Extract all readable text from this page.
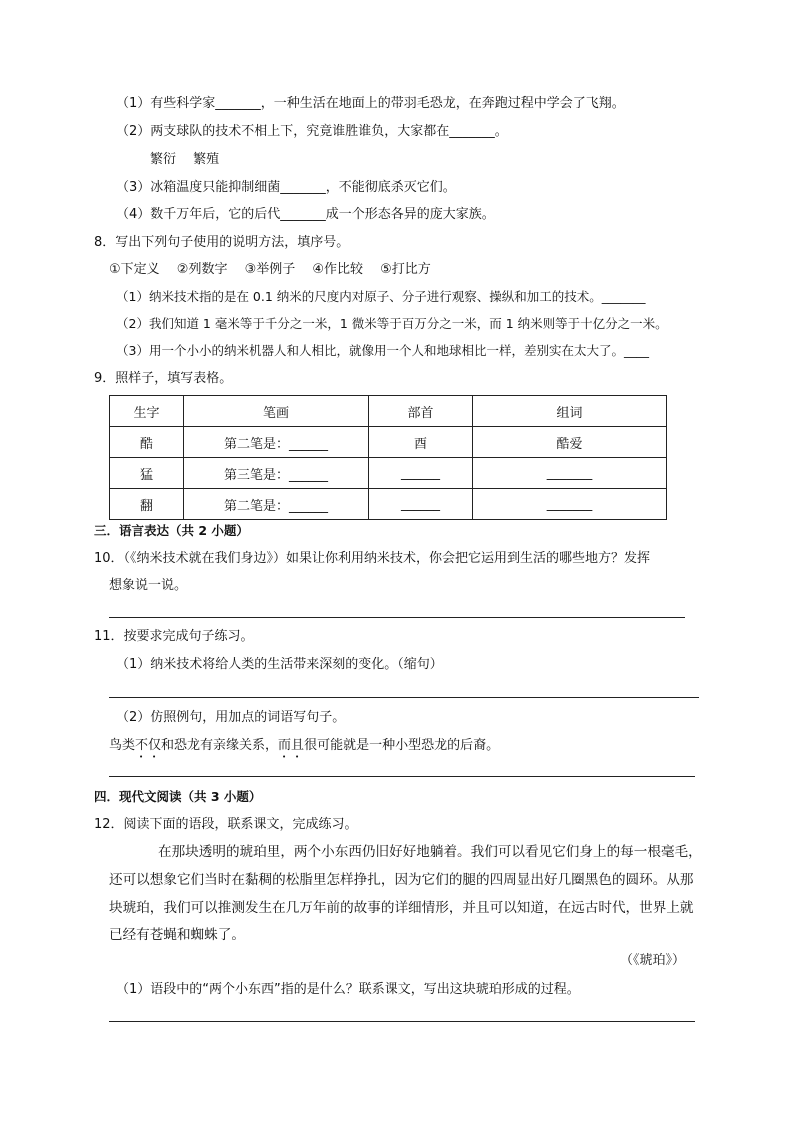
（1）有些科学家_______，一种生活在地面上的带羽毛恐龙，在奔跑过程中学会了飞翔。
（2）两支球队的技术不相上下，究竟谁胜谁负，大家都在_______。
繁衍　 繁殖
（3）冰箱温度只能抑制细菌_______，不能彻底杀灭它们。
（4）数千万年后，它的后代_______成一个形态各异的庞大家族。
8．写出下列句子使用的说明方法，填序号。
①下定义　 ②列数字　 ③举例子　 ④作比较　 ⑤打比方
（1）纳米技术指的是在 0.1 纳米的尺度内对原子、分子进行观察、操纵和加工的技术。_______
（2）我们知道 1 毫米等于千分之一米，1 微米等于百万分之一米，而 1 纳米则等于十亿分之一米。
（3）用一个小小的纳米机器人和人相比，就像用一个人和地球相比一样，差别实在太大了。____
9．照样子，填写表格。
生字	笔画	部首	组词
酷	第二笔是：______	酉	酷爱
猛	第三笔是：______	______	_______
翻	第二笔是：______	______	_______
三．语言表达（共 2 小题）
10．（《纳米技术就在我们身边》）如果让你利用纳米技术，你会把它运用到生活的哪些地方？发挥
想象说一说。
11．按要求完成句子练习。
（1）纳米技术将给人类的生活带来深刻的变化。（缩句）
（2）仿照例句，用加点的词语写句子。
鸟类不仅和恐龙有亲缘关系，而且很可能就是一种小型恐龙的后裔。
四．现代文阅读（共 3 小题）
12．阅读下面的语段，联系课文，完成练习。
在那块透明的琥珀里，两个小东西仍旧好好地躺着。我们可以看见它们身上的每一根毫毛，
还可以想象它们当时在黏稠的松脂里怎样挣扎，因为它们的腿的四周显出好几圈黑色的圆环。从那
块琥珀，我们可以推测发生在几万年前的故事的详细情形，并且可以知道，在远古时代，世界上就
已经有苍蝇和蜘蛛了。
（《琥珀》）
（1）语段中的“两个小东西”指的是什么？联系课文，写出这块琥珀形成的过程。
